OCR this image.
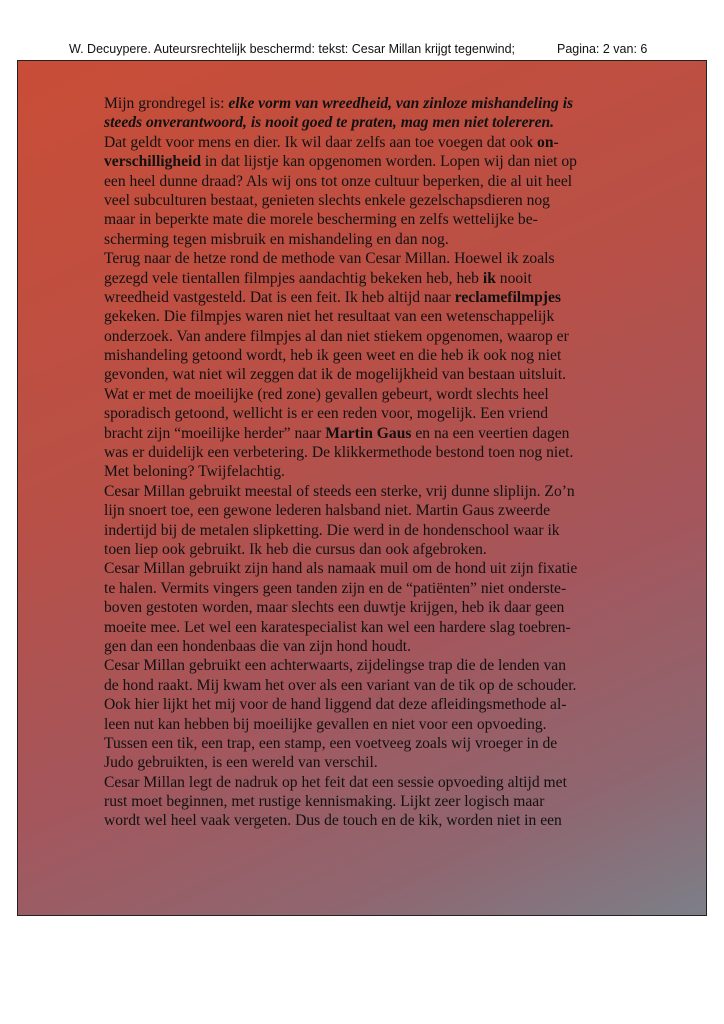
W. Decuypere. Auteursrechtelijk beschermd: tekst: Cesar Millan krijgt tegenwind;	Pagina: 2 van: 6
Mijn grondregel is: elke vorm van wreedheid, van zinloze mishandeling is
steeds onverantwoord, is nooit goed te praten, mag men niet tolereren.
Dat geldt voor mens en dier. Ik wil daar zelfs aan toe voegen dat ook on-
verschilligheid in dat lijstje kan opgenomen worden. Lopen wij dan niet op
een heel dunne draad? Als wij ons tot onze cultuur beperken, die al uit heel
veel subculturen bestaat, genieten slechts enkele gezelschapsdieren nog
maar in beperkte mate die morele bescherming en zelfs wettelijke be-
scherming tegen misbruik en mishandeling en dan nog.
Terug naar de hetze rond de methode van Cesar Millan. Hoewel ik zoals
gezegd vele tientallen filmpjes aandachtig bekeken heb, heb ik nooit
wreedheid vastgesteld. Dat is een feit. Ik heb altijd naar reclamefilmpjes
gekeken. Die filmpjes waren niet het resultaat van een wetenschappelijk
onderzoek. Van andere filmpjes al dan niet stiekem opgenomen, waarop er
mishandeling getoond wordt, heb ik geen weet en die heb ik ook nog niet
gevonden, wat niet wil zeggen dat ik de mogelijkheid van bestaan uitsluit.
Wat er met de moeilijke (red zone) gevallen gebeurt, wordt slechts heel
sporadisch getoond, wellicht is er een reden voor, mogelijk. Een vriend
bracht zijn “moeilijke herder” naar Martin Gaus en na een veertien dagen
was er duidelijk een verbetering. De klikkermethode bestond toen nog niet.
Met beloning? Twijfelachtig.
Cesar Millan gebruikt meestal of steeds een sterke, vrij dunne sliplijn. Zo’n
lijn snoert toe, een gewone lederen halsband niet. Martin Gaus zweerde
indertijd bij de metalen slipketting. Die werd in de hondenschool waar ik
toen liep ook gebruikt. Ik heb die cursus dan ook afgebroken.
Cesar Millan gebruikt zijn hand als namaak muil om de hond uit zijn fixatie
te halen. Vermits vingers geen tanden zijn en de “patiënten” niet onderste-
boven gestoten worden, maar slechts een duwtje krijgen, heb ik daar geen
moeite mee. Let wel een karatespecialist kan wel een hardere slag toebren-
gen dan een hondenbaas die van zijn hond houdt.
Cesar Millan gebruikt een achterwaarts, zijdelingse trap die de lenden van
de hond raakt. Mij kwam het over als een variant van de tik op de schouder.
Ook hier lijkt het mij voor de hand liggend dat deze afleidingsmethode al-
leen nut kan hebben bij moeilijke gevallen en niet voor een opvoeding.
Tussen een tik, een trap, een stamp, een voetveeg zoals wij vroeger in de
Judo gebruikten, is een wereld van verschil.
Cesar Millan legt de nadruk op het feit dat een sessie opvoeding altijd met
rust moet beginnen, met rustige kennismaking. Lijkt zeer logisch maar
wordt wel heel vaak vergeten. Dus de touch en de kik, worden niet in een
